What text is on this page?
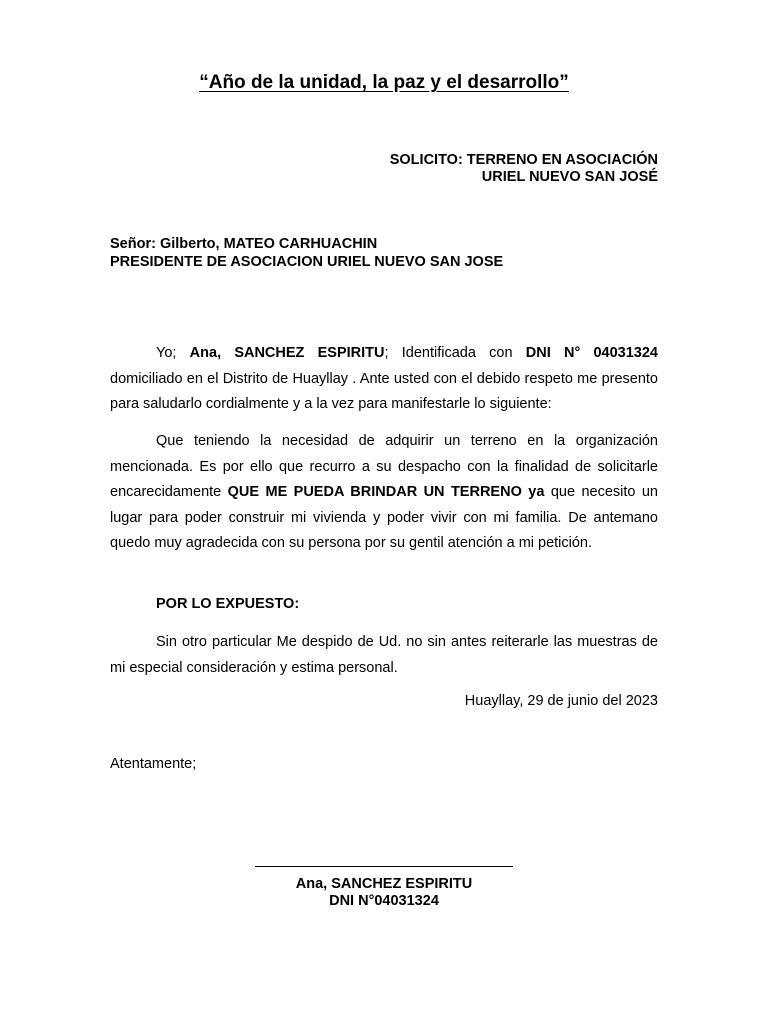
“Año de la unidad, la paz y el desarrollo”
SOLICITO: TERRENO EN ASOCIACIÓN
URIEL NUEVO SAN JOSÉ
Señor: Gilberto, MATEO CARHUACHIN
PRESIDENTE DE ASOCIACION URIEL NUEVO SAN JOSE

Yo; Ana, SANCHEZ ESPIRITU; Identificada con DNI N° 04031324 domiciliado en el Distrito de Huayllay . Ante usted con el debido respeto me presento para saludarlo cordialmente y a la vez para manifestarle lo siguiente:

Que teniendo la necesidad de adquirir un terreno en la organización mencionada. Es por ello que recurro a su despacho con la finalidad de solicitarle encarecidamente QUE ME PUEDA BRINDAR UN TERRENO ya que necesito un lugar para poder construir mi vivienda y poder vivir con mi familia. De antemano quedo muy agradecida con su persona por su gentil atención a mi petición.

POR LO EXPUESTO:

Sin otro particular Me despido de Ud. no sin antes reiterarle las muestras de mi especial consideración y estima personal.

Huayllay, 29 de junio del 2023
Atentamente;
Ana, SANCHEZ ESPIRITU
DNI N°04031324
